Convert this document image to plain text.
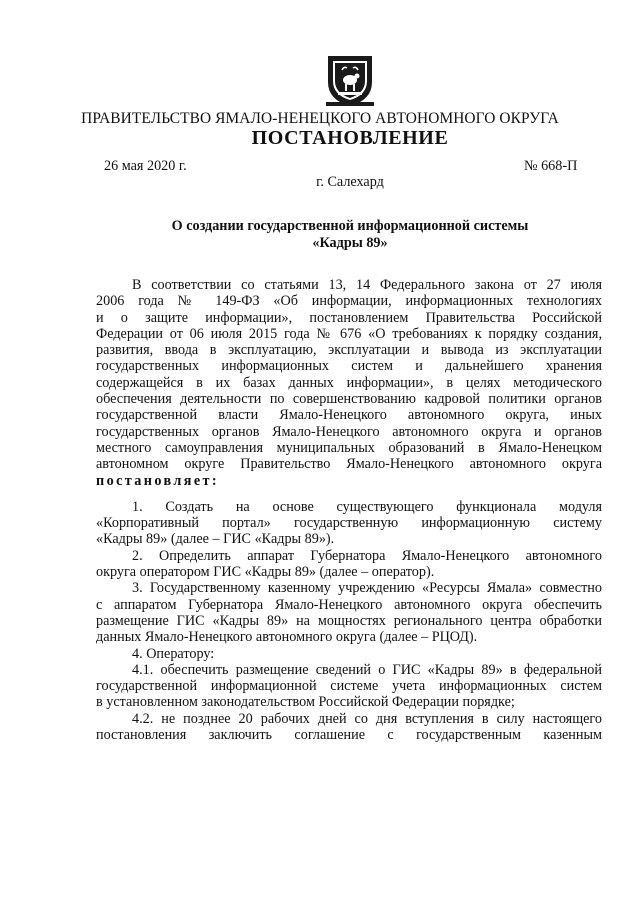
ПРАВИТЕЛЬСТВО ЯМАЛО-НЕНЕЦКОГО АВТОНОМНОГО ОКРУГА
ПОСТАНОВЛЕНИЕ
26 мая 2020 г.	№ 668-П
г. Салехард
О создании государственной информационной системы
«Кадры 89»
В соответствии со статьями 13, 14 Федерального закона от 27 июля
2006 года № 149-ФЗ «Об информации, информационных технологиях
и о защите информации», постановлением Правительства Российской
Федерации от 06 июля 2015 года № 676 «О требованиях к порядку создания,
развития, ввода в эксплуатацию, эксплуатации и вывода из эксплуатации
государственных информационных систем и дальнейшего хранения
содержащейся в их базах данных информации», в целях методического
обеспечения деятельности по совершенствованию кадровой политики органов
государственной власти Ямало-Ненецкого автономного округа, иных
государственных органов Ямало-Ненецкого автономного округа и органов
местного самоуправления муниципальных образований в Ямало-Ненецком
автономном округе Правительство Ямало-Ненецкого автономного округа
постановляет:
1. Создать на основе существующего функционала модуля
«Корпоративный портал» государственную информационную систему
«Кадры 89» (далее – ГИС «Кадры 89»).
2. Определить аппарат Губернатора Ямало-Ненецкого автономного
округа оператором ГИС «Кадры 89» (далее – оператор).
3. Государственному казенному учреждению «Ресурсы Ямала» совместно
с аппаратом Губернатора Ямало-Ненецкого автономного округа обеспечить
размещение ГИС «Кадры 89» на мощностях регионального центра обработки
данных Ямало-Ненецкого автономного округа (далее – РЦОД).
4. Оператору:
4.1. обеспечить размещение сведений о ГИС «Кадры 89» в федеральной
государственной информационной системе учета информационных систем
в установленном законодательством Российской Федерации порядке;
4.2. не позднее 20 рабочих дней со дня вступления в силу настоящего
постановления заключить соглашение с государственным казенным
